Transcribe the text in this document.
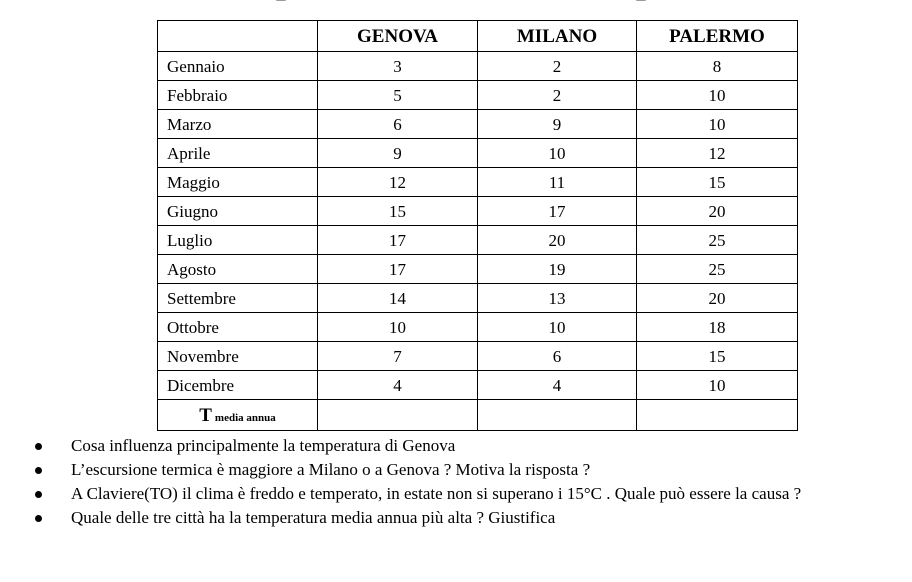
	GENOVA	MILANO	PALERMO
Gennaio	3	2	8
Febbraio	5	2	10
Marzo	6	9	10
Aprile	9	10	12
Maggio	12	11	15
Giugno	15	17	20
Luglio	17	20	25
Agosto	17	19	25
Settembre	14	13	20
Ottobre	10	10	18
Novembre	7	6	15
Dicembre	4	4	10
T media annua			
Cosa influenza principalmente la temperatura di Genova
L’escursione termica è maggiore a Milano o a Genova ? Motiva la risposta ?
A Claviere(TO) il clima è freddo e temperato, in estate non si superano i 15°C . Quale può essere la causa ?
Quale delle tre città ha la temperatura media annua più alta ? Giustifica
